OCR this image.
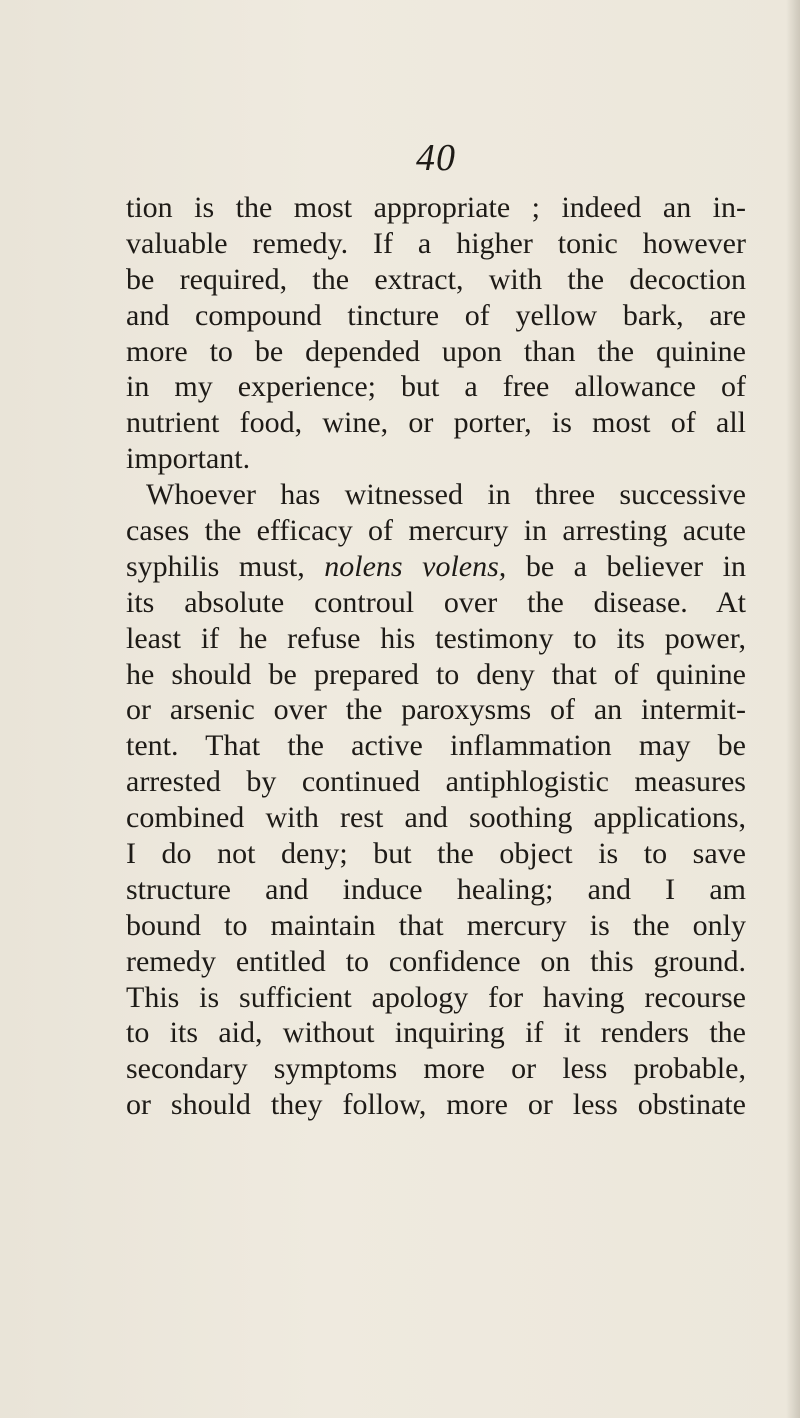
40
tion is the most appropriate ; indeed an in-
valuable remedy. If a higher tonic however
be required, the extract, with the decoction
and compound tincture of yellow bark, are
more to be depended upon than the quinine
in my experience; but a free allowance of
nutrient food, wine, or porter, is most of all
important.
Whoever has witnessed in three successive
cases the efficacy of mercury in arresting acute
syphilis must, nolens volens, be a believer in
its absolute controul over the disease. At
least if he refuse his testimony to its power,
he should be prepared to deny that of quinine
or arsenic over the paroxysms of an intermit-
tent. That the active inflammation may be
arrested by continued antiphlogistic measures
combined with rest and soothing applications,
I do not deny; but the object is to save
structure and induce healing; and I am
bound to maintain that mercury is the only
remedy entitled to confidence on this ground.
This is sufficient apology for having recourse
to its aid, without inquiring if it renders the
secondary symptoms more or less probable,
or should they follow, more or less obstinate
